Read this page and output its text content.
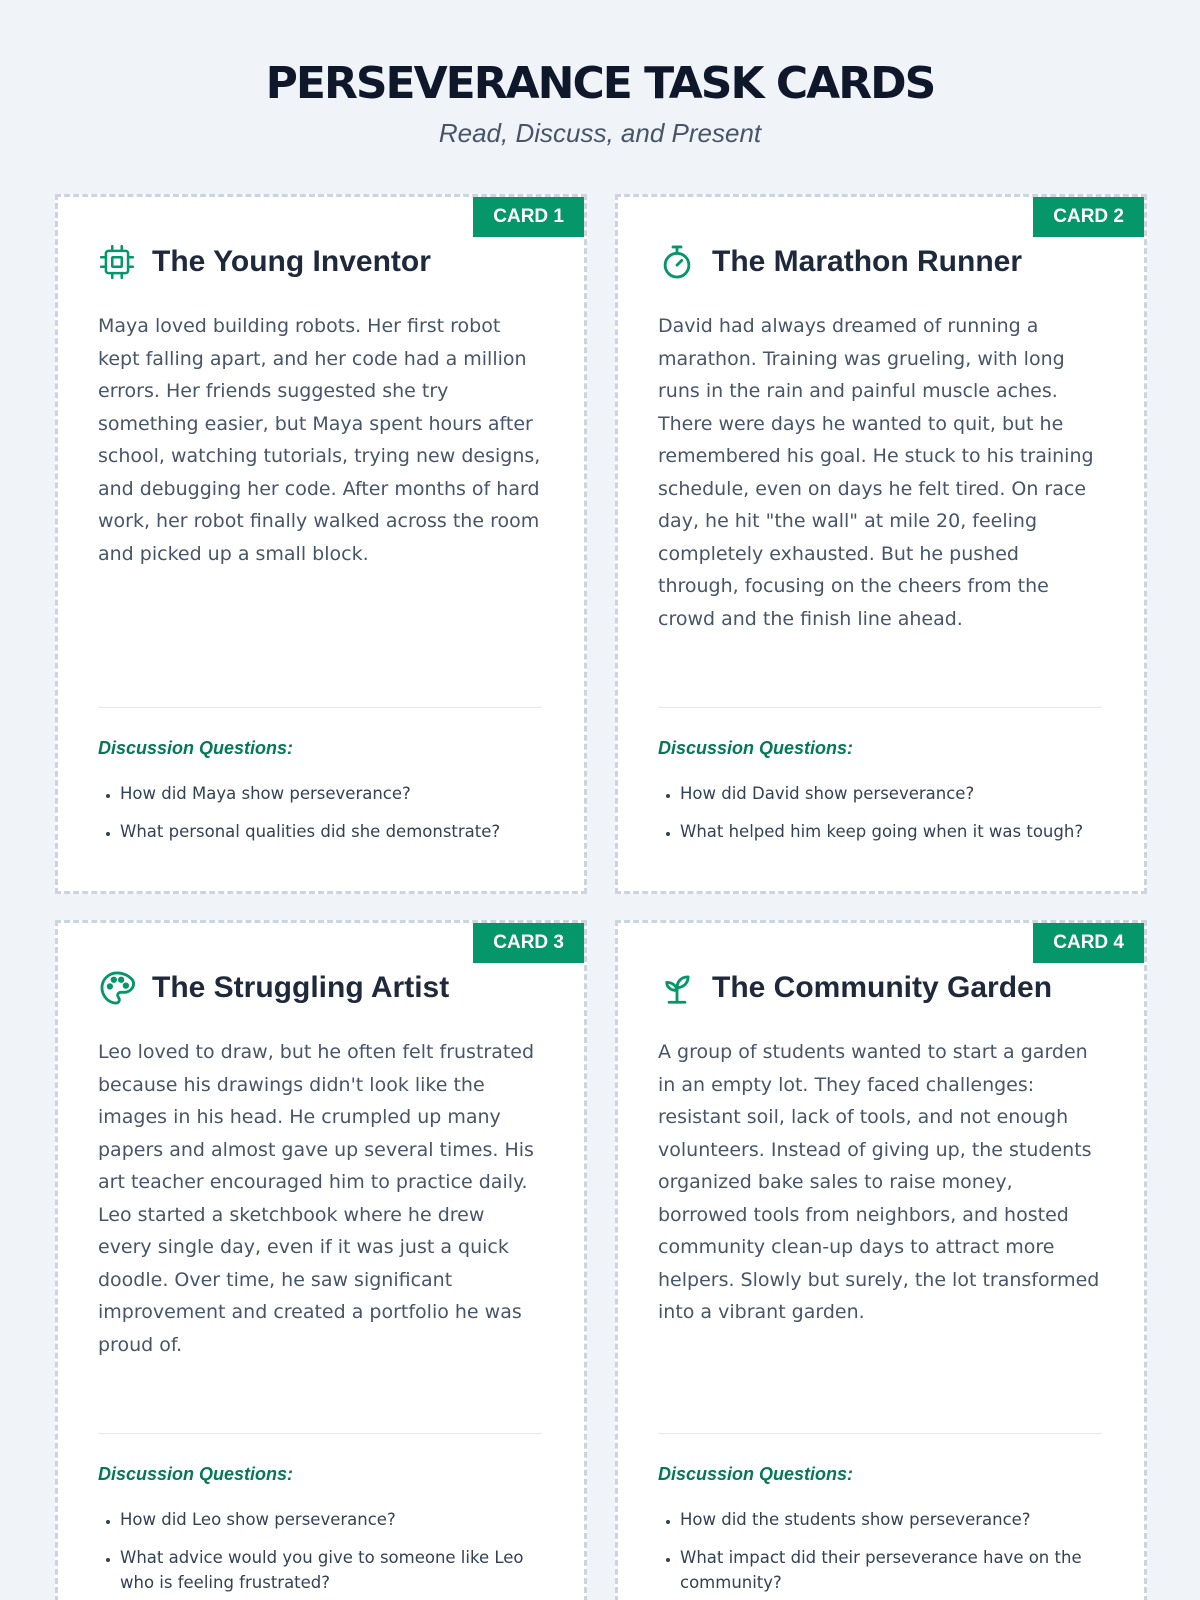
PERSEVERANCE TASK CARDS

Read, Discuss, and Present

CARD 1
The Young Inventor

Maya loved building robots. Her first robot kept falling apart, and her code had a million errors. Her friends suggested she try something easier, but Maya spent hours after school, watching tutorials, trying new designs, and debugging her code. After months of hard work, her robot finally walked across the room and picked up a small block.

Discussion Questions:

• How did Maya show perseverance?
• What personal qualities did she demonstrate?
CARD 2
The Marathon Runner

David had always dreamed of running a marathon. Training was grueling, with long runs in the rain and painful muscle aches. There were days he wanted to quit, but he remembered his goal. He stuck to his training schedule, even on days he felt tired. On race day, he hit "the wall" at mile 20, feeling completely exhausted. But he pushed through, focusing on the cheers from the crowd and the finish line ahead.

Discussion Questions:

• How did David show perseverance?
• What helped him keep going when it was tough?
CARD 3
The Struggling Artist

Leo loved to draw, but he often felt frustrated because his drawings didn't look like the images in his head. He crumpled up many papers and almost gave up several times. His art teacher encouraged him to practice daily. Leo started a sketchbook where he drew every single day, even if it was just a quick doodle. Over time, he saw significant improvement and created a portfolio he was proud of.

Discussion Questions:

• How did Leo show perseverance?
• What advice would you give to someone like Leo who is feeling frustrated?
CARD 4
The Community Garden

A group of students wanted to start a garden in an empty lot. They faced challenges: resistant soil, lack of tools, and not enough volunteers. Instead of giving up, the students organized bake sales to raise money, borrowed tools from neighbors, and hosted community clean-up days to attract more helpers. Slowly but surely, the lot transformed into a vibrant garden.

Discussion Questions:

• How did the students show perseverance?
• What impact did their perseverance have on the community?
